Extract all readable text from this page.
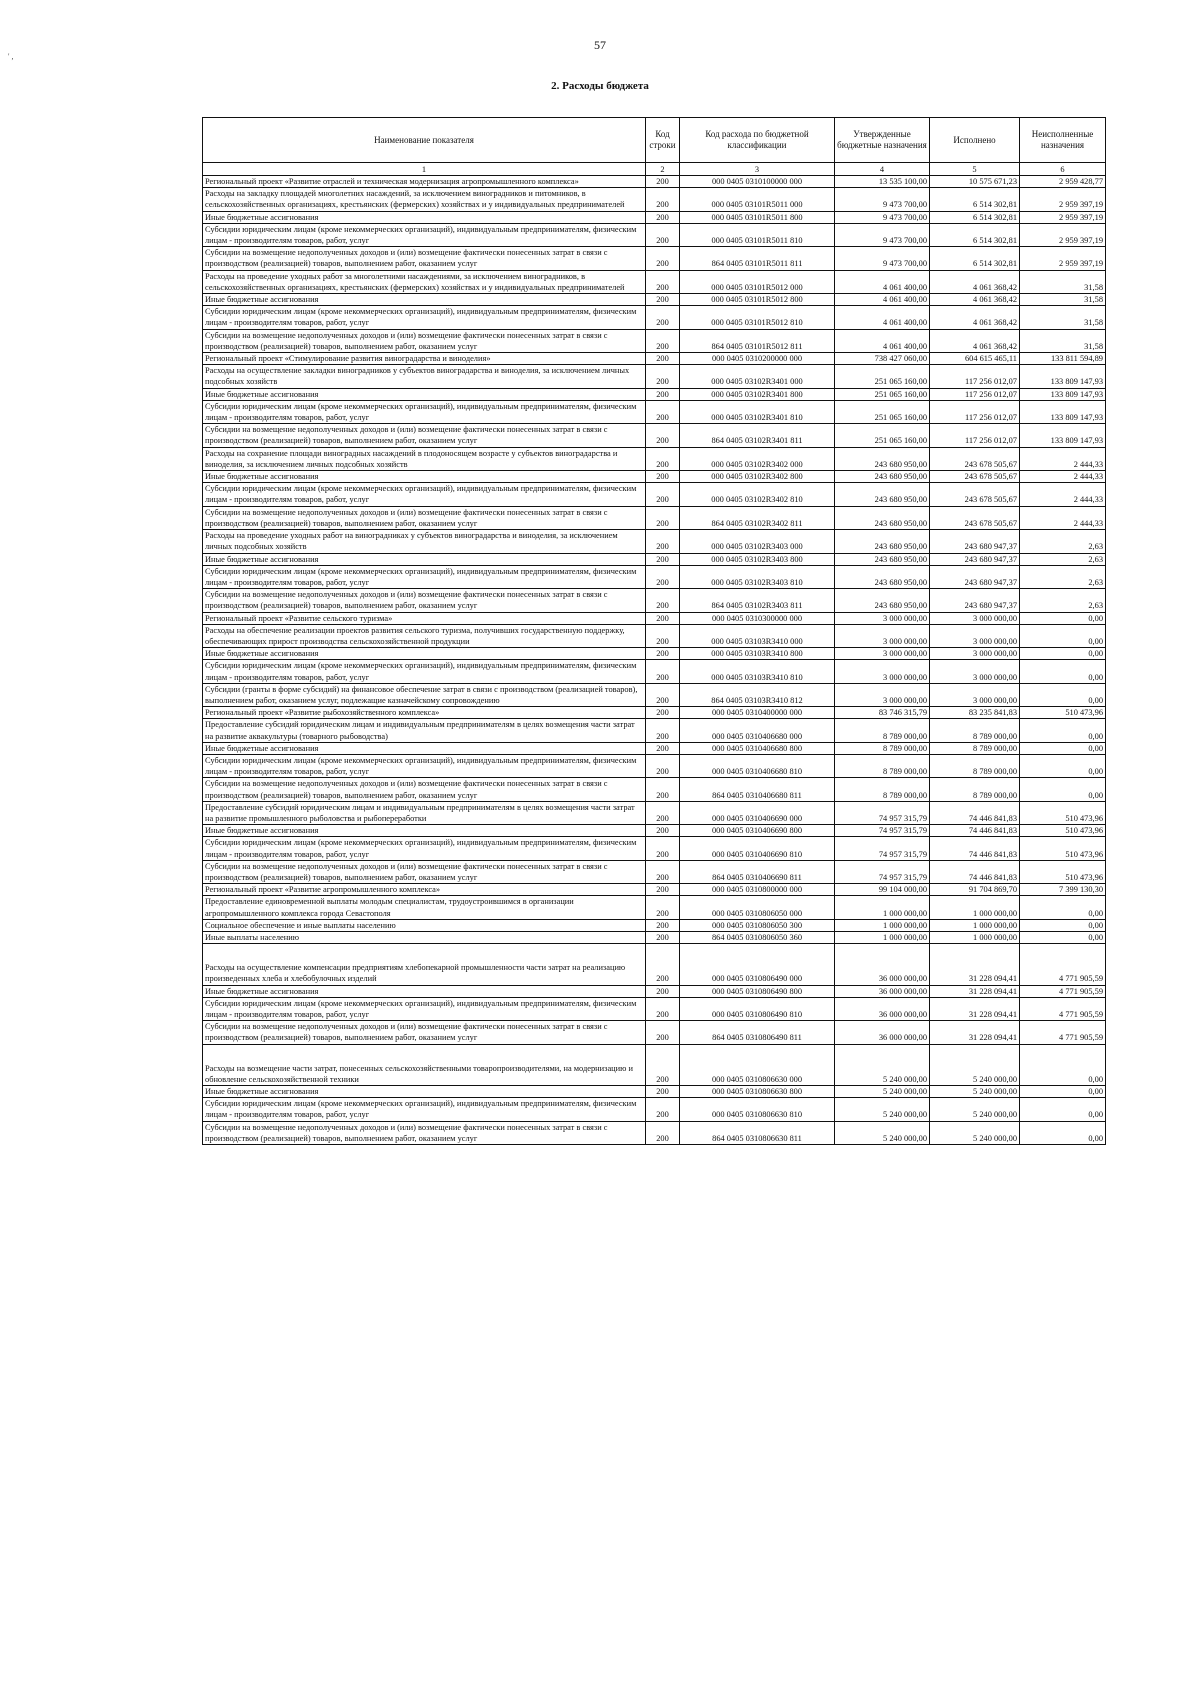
' ,
57
2. Расходы бюджета
Наименование показателя	Код строки	Код расхода по бюджетной классификации	Утвержденные бюджетные назначения	Исполнено	Неисполненные назначения
1	2	3	4	5	6
Региональный проект «Развитие отраслей и техническая модернизация агропромышленного комплекса»	200	000 0405 0310100000 000	13 535 100,00	10 575 671,23	2 959 428,77
Расходы на закладку площадей многолетних насаждений, за исключением виноградников и питомников, в сельскохозяйственных организациях, крестьянских (фермерских) хозяйствах и у индивидуальных предпринимателей	200	000 0405 03101R5011 000	9 473 700,00	6 514 302,81	2 959 397,19
Иные бюджетные ассигнования	200	000 0405 03101R5011 800	9 473 700,00	6 514 302,81	2 959 397,19
Субсидии юридическим лицам (кроме некоммерческих организаций), индивидуальным предпринимателям, физическим лицам - производителям товаров, работ, услуг	200	000 0405 03101R5011 810	9 473 700,00	6 514 302,81	2 959 397,19
Субсидии на возмещение недополученных доходов и (или) возмещение фактически понесенных затрат в связи с производством (реализацией) товаров, выполнением работ, оказанием услуг	200	864 0405 03101R5011 811	9 473 700,00	6 514 302,81	2 959 397,19
Расходы на проведение уходных работ за многолетними насаждениями, за исключением виноградников, в сельскохозяйственных организациях, крестьянских (фермерских) хозяйствах и у индивидуальных предпринимателей	200	000 0405 03101R5012 000	4 061 400,00	4 061 368,42	31,58
Иные бюджетные ассигнования	200	000 0405 03101R5012 800	4 061 400,00	4 061 368,42	31,58
Субсидии юридическим лицам (кроме некоммерческих организаций), индивидуальным предпринимателям, физическим лицам - производителям товаров, работ, услуг	200	000 0405 03101R5012 810	4 061 400,00	4 061 368,42	31,58
Субсидии на возмещение недополученных доходов и (или) возмещение фактически понесенных затрат в связи с производством (реализацией) товаров, выполнением работ, оказанием услуг	200	864 0405 03101R5012 811	4 061 400,00	4 061 368,42	31,58
Региональный проект «Стимулирование развития виноградарства и виноделия»	200	000 0405 0310200000 000	738 427 060,00	604 615 465,11	133 811 594,89
Расходы на осуществление закладки виноградников у субъектов виноградарства и виноделия, за исключением личных подсобных хозяйств	200	000 0405 03102R3401 000	251 065 160,00	117 256 012,07	133 809 147,93
Иные бюджетные ассигнования	200	000 0405 03102R3401 800	251 065 160,00	117 256 012,07	133 809 147,93
Субсидии юридическим лицам (кроме некоммерческих организаций), индивидуальным предпринимателям, физическим лицам - производителям товаров, работ, услуг	200	000 0405 03102R3401 810	251 065 160,00	117 256 012,07	133 809 147,93
Субсидии на возмещение недополученных доходов и (или) возмещение фактически понесенных затрат в связи с производством (реализацией) товаров, выполнением работ, оказанием услуг	200	864 0405 03102R3401 811	251 065 160,00	117 256 012,07	133 809 147,93
Расходы на сохранение площади виноградных насаждений в плодоносящем возрасте у субъектов виноградарства и виноделия, за исключением личных подсобных хозяйств	200	000 0405 03102R3402 000	243 680 950,00	243 678 505,67	2 444,33
Иные бюджетные ассигнования	200	000 0405 03102R3402 800	243 680 950,00	243 678 505,67	2 444,33
Субсидии юридическим лицам (кроме некоммерческих организаций), индивидуальным предпринимателям, физическим лицам - производителям товаров, работ, услуг	200	000 0405 03102R3402 810	243 680 950,00	243 678 505,67	2 444,33
Субсидии на возмещение недополученных доходов и (или) возмещение фактически понесенных затрат в связи с производством (реализацией) товаров, выполнением работ, оказанием услуг	200	864 0405 03102R3402 811	243 680 950,00	243 678 505,67	2 444,33
Расходы на проведение уходных работ на виноградниках у субъектов виноградарства и виноделия, за исключением личных подсобных хозяйств	200	000 0405 03102R3403 000	243 680 950,00	243 680 947,37	2,63
Иные бюджетные ассигнования	200	000 0405 03102R3403 800	243 680 950,00	243 680 947,37	2,63
Субсидии юридическим лицам (кроме некоммерческих организаций), индивидуальным предпринимателям, физическим лицам - производителям товаров, работ, услуг	200	000 0405 03102R3403 810	243 680 950,00	243 680 947,37	2,63
Субсидии на возмещение недополученных доходов и (или) возмещение фактически понесенных затрат в связи с производством (реализацией) товаров, выполнением работ, оказанием услуг	200	864 0405 03102R3403 811	243 680 950,00	243 680 947,37	2,63
Региональный проект «Развитие сельского туризма»	200	000 0405 0310300000 000	3 000 000,00	3 000 000,00	0,00
Расходы на обеспечение реализации проектов развития сельского туризма, получивших государственную поддержку, обеспечивающих прирост производства сельскохозяйственной продукции	200	000 0405 03103R3410 000	3 000 000,00	3 000 000,00	0,00
Иные бюджетные ассигнования	200	000 0405 03103R3410 800	3 000 000,00	3 000 000,00	0,00
Субсидии юридическим лицам (кроме некоммерческих организаций), индивидуальным предпринимателям, физическим лицам - производителям товаров, работ, услуг	200	000 0405 03103R3410 810	3 000 000,00	3 000 000,00	0,00
Субсидии (гранты в форме субсидий) на финансовое обеспечение затрат в связи с производством (реализацией товаров), выполнением работ, оказанием услуг, подлежащие казначейскому сопровождению	200	864 0405 03103R3410 812	3 000 000,00	3 000 000,00	0,00
Региональный проект «Развитие рыбохозяйственного комплекса»	200	000 0405 0310400000 000	83 746 315,79	83 235 841,83	510 473,96
Предоставление субсидий юридическим лицам и индивидуальным предпринимателям в целях возмещения части затрат на развитие аквакультуры (товарного рыбоводства)	200	000 0405 0310406680 000	8 789 000,00	8 789 000,00	0,00
Иные бюджетные ассигнования	200	000 0405 0310406680 800	8 789 000,00	8 789 000,00	0,00
Субсидии юридическим лицам (кроме некоммерческих организаций), индивидуальным предпринимателям, физическим лицам - производителям товаров, работ, услуг	200	000 0405 0310406680 810	8 789 000,00	8 789 000,00	0,00
Субсидии на возмещение недополученных доходов и (или) возмещение фактически понесенных затрат в связи с производством (реализацией) товаров, выполнением работ, оказанием услуг	200	864 0405 0310406680 811	8 789 000,00	8 789 000,00	0,00
Предоставление субсидий юридическим лицам и индивидуальным предпринимателям в целях возмещения части затрат на развитие промышленного рыболовства и рыбопереработки	200	000 0405 0310406690 000	74 957 315,79	74 446 841,83	510 473,96
Иные бюджетные ассигнования	200	000 0405 0310406690 800	74 957 315,79	74 446 841,83	510 473,96
Субсидии юридическим лицам (кроме некоммерческих организаций), индивидуальным предпринимателям, физическим лицам - производителям товаров, работ, услуг	200	000 0405 0310406690 810	74 957 315,79	74 446 841,83	510 473,96
Субсидии на возмещение недополученных доходов и (или) возмещение фактически понесенных затрат в связи с производством (реализацией) товаров, выполнением работ, оказанием услуг	200	864 0405 0310406690 811	74 957 315,79	74 446 841,83	510 473,96
Региональный проект «Развитие агропромышленного комплекса»	200	000 0405 0310800000 000	99 104 000,00	91 704 869,70	7 399 130,30
Предоставление единовременной выплаты молодым специалистам, трудоустроившимся в организации агропромышленного комплекса города Севастополя	200	000 0405 0310806050 000	1 000 000,00	1 000 000,00	0,00
Социальное обеспечение и иные выплаты населению	200	000 0405 0310806050 300	1 000 000,00	1 000 000,00	0,00
Иные выплаты населению	200	864 0405 0310806050 360	1 000 000,00	1 000 000,00	0,00
Расходы на осуществление компенсации предприятиям хлебопекарной промышленности части затрат на реализацию произведенных хлеба и хлебобулочных изделий	200	000 0405 0310806490 000	36 000 000,00	31 228 094,41	4 771 905,59
Иные бюджетные ассигнования	200	000 0405 0310806490 800	36 000 000,00	31 228 094,41	4 771 905,59
Субсидии юридическим лицам (кроме некоммерческих организаций), индивидуальным предпринимателям, физическим лицам - производителям товаров, работ, услуг	200	000 0405 0310806490 810	36 000 000,00	31 228 094,41	4 771 905,59
Субсидии на возмещение недополученных доходов и (или) возмещение фактически понесенных затрат в связи с производством (реализацией) товаров, выполнением работ, оказанием услуг	200	864 0405 0310806490 811	36 000 000,00	31 228 094,41	4 771 905,59
Расходы на возмещение части затрат, понесенных сельскохозяйственными товаропроизводителями, на модернизацию и обновление сельскохозяйственной техники	200	000 0405 0310806630 000	5 240 000,00	5 240 000,00	0,00
Иные бюджетные ассигнования	200	000 0405 0310806630 800	5 240 000,00	5 240 000,00	0,00
Субсидии юридическим лицам (кроме некоммерческих организаций), индивидуальным предпринимателям, физическим лицам - производителям товаров, работ, услуг	200	000 0405 0310806630 810	5 240 000,00	5 240 000,00	0,00
Субсидии на возмещение недополученных доходов и (или) возмещение фактически понесенных затрат в связи с производством (реализацией) товаров, выполнением работ, оказанием услуг	200	864 0405 0310806630 811	5 240 000,00	5 240 000,00	0,00
